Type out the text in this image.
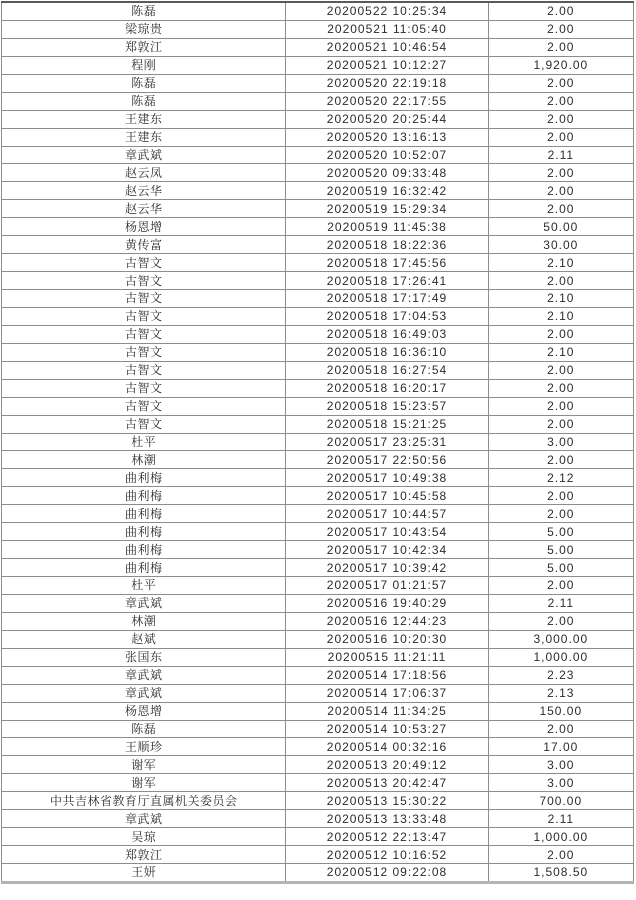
陈磊	20200522 10:25:34	2.00
梁琼贵	20200521 11:05:40	2.00
郑敦江	20200521 10:46:54	2.00
程刚	20200521 10:12:27	1,920.00
陈磊	20200520 22:19:18	2.00
陈磊	20200520 22:17:55	2.00
王建东	20200520 20:25:44	2.00
王建东	20200520 13:16:13	2.00
章武斌	20200520 10:52:07	2.11
赵云凤	20200520 09:33:48	2.00
赵云华	20200519 16:32:42	2.00
赵云华	20200519 15:29:34	2.00
杨恩增	20200519 11:45:38	50.00
黄传富	20200518 18:22:36	30.00
古智文	20200518 17:45:56	2.10
古智文	20200518 17:26:41	2.00
古智文	20200518 17:17:49	2.10
古智文	20200518 17:04:53	2.10
古智文	20200518 16:49:03	2.00
古智文	20200518 16:36:10	2.10
古智文	20200518 16:27:54	2.00
古智文	20200518 16:20:17	2.00
古智文	20200518 15:23:57	2.00
古智文	20200518 15:21:25	2.00
杜平	20200517 23:25:31	3.00
林潮	20200517 22:50:56	2.00
曲利梅	20200517 10:49:38	2.12
曲利梅	20200517 10:45:58	2.00
曲利梅	20200517 10:44:57	2.00
曲利梅	20200517 10:43:54	5.00
曲利梅	20200517 10:42:34	5.00
曲利梅	20200517 10:39:42	5.00
杜平	20200517 01:21:57	2.00
章武斌	20200516 19:40:29	2.11
林潮	20200516 12:44:23	2.00
赵斌	20200516 10:20:30	3,000.00
张国东	20200515 11:21:11	1,000.00
章武斌	20200514 17:18:56	2.23
章武斌	20200514 17:06:37	2.13
杨恩增	20200514 11:34:25	150.00
陈磊	20200514 10:53:27	2.00
王顺珍	20200514 00:32:16	17.00
谢军	20200513 20:49:12	3.00
谢军	20200513 20:42:47	3.00
中共吉林省教育厅直属机关委员会	20200513 15:30:22	700.00
章武斌	20200513 13:33:48	2.11
吴琼	20200512 22:13:47	1,000.00
郑敦江	20200512 10:16:52	2.00
王妍	20200512 09:22:08	1,508.50
